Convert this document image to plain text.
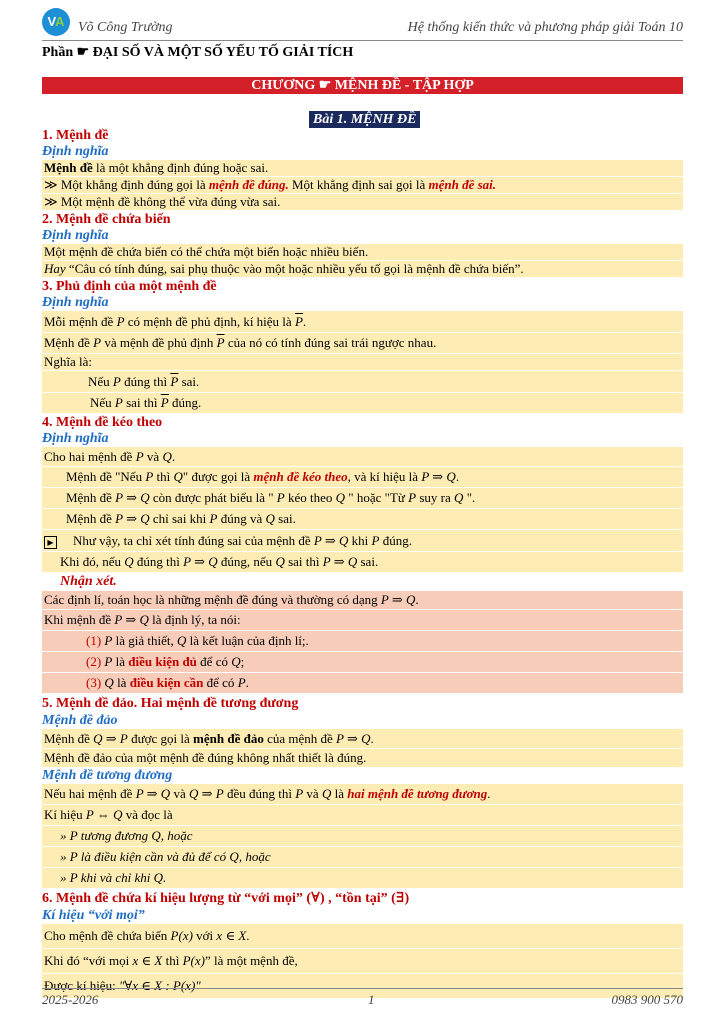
VA Võ Công Trường	Hệ thống kiến thức và phương pháp giải Toán 10
Phần ☛ ĐẠI SỐ VÀ MỘT SỐ YẾU TỐ GIẢI TÍCH
CHƯƠNG ☛ MỆNH ĐỀ - TẬP HỢP
Bài 1. MỆNH ĐỀ
1. Mệnh đề
Định nghĩa
Mệnh đề là một khẳng định đúng hoặc sai.
≫ Một khẳng định đúng gọi là mệnh đề đúng. Một khẳng định sai gọi là mệnh đề sai.
≫ Một mệnh đề không thể vừa đúng vừa sai.
2. Mệnh đề chứa biến
Định nghĩa
Một mệnh đề chứa biến có thể chứa một biến hoặc nhiều biến.
Hay “Câu có tính đúng, sai phụ thuộc vào một hoặc nhiều yếu tố gọi là mệnh đề chứa biến”.
3. Phủ định của một mệnh đề
Định nghĩa
Mỗi mệnh đề P có mệnh đề phủ định, kí hiệu là $\overline{P}$.
Mệnh đề P và mệnh đề phủ định $\overline{P}$ của nó có tính đúng sai trái ngược nhau.
Nghĩa là:
Nếu P đúng thì $\overline{P}$ sai.
Nếu P sai thì $\overline{P}$ đúng.
4. Mệnh đề kéo theo
Định nghĩa
Cho hai mệnh đề P và Q.
Mệnh đề "Nếu P thì Q" được gọi là mệnh đề kéo theo, và kí hiệu là P ⇒ Q.
Mệnh đề P ⇒ Q còn được phát biểu là " P kéo theo Q " hoặc "Từ P suy ra Q ".
Mệnh đề P ⇒ Q chỉ sai khi P đúng và Q sai.
▶ Như vậy, ta chỉ xét tính đúng sai của mệnh đề P ⇒ Q khi P đúng.
Khi đó, nếu Q đúng thì P ⇒ Q đúng, nếu Q sai thì P ⇒ Q sai.
Nhận xét.
Các định lí, toán học là những mệnh đề đúng và thường có dạng P ⇒ Q.
Khi mệnh đề P ⇒ Q là định lý, ta nói:
(1) P là giả thiết, Q là kết luận của định lí;.
(2) P là điều kiện đủ để có Q;
(3) Q là điều kiện cần để có P.
5. Mệnh đề đảo. Hai mệnh đề tương đương
Mệnh đề đảo
Mệnh đề Q ⇒ P được gọi là mệnh đề đảo của mệnh đề P ⇒ Q.
Mệnh đề đảo của một mệnh đề đúng không nhất thiết là đúng.
Mệnh đề tương đương
Nếu hai mệnh đề P ⇒ Q và Q ⇒ P đều đúng thì P và Q là hai mệnh đề tương đương.
Kí hiệu P ⇔ Q và đọc là
» P tương đương Q, hoặc
» P là điều kiện cần và đủ để có Q, hoặc
» P khi và chỉ khi Q.
6. Mệnh đề chứa kí hiệu lượng từ “với mọi” (∀) , “tồn tại” (∃)
Kí hiệu “với mọi”
Cho mệnh đề chứa biến P(x) với x ∈ X.
Khi đó “với mọi x ∈ X thì P(x)” là một mệnh đề,
Được kí hiệu: "∀x ∈ X : P(x)"
2025-2026	1	0983 900 570
